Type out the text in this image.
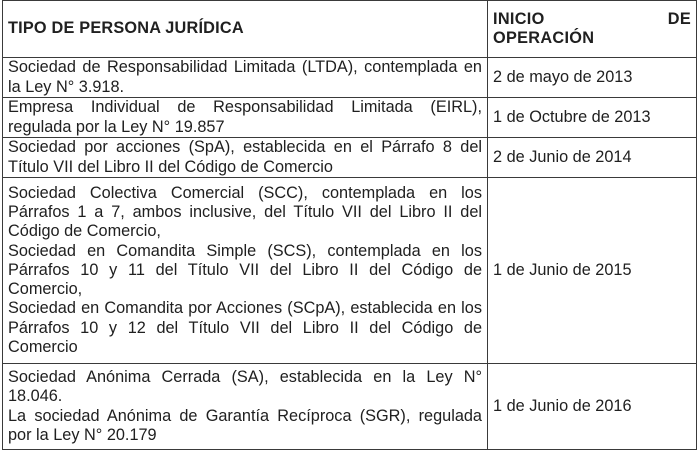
TIPO DE PERSONA JURÍDICA	INICIO DE
OPERACIÓN

Sociedad de Responsabilidad Limitada (LTDA), contemplada en la Ley N° 3.918.	2 de mayo de 2013

Empresa Individual de Responsabilidad Limitada (EIRL), regulada por la Ley N° 19.857	1 de Octubre de 2013

Sociedad por acciones (SpA), establecida en el Párrafo 8 del Título VII del Libro II del Código de Comercio	2 de Junio de 2014

Sociedad Colectiva Comercial (SCC), contemplada en los Párrafos 1 a 7, ambos inclusive, del Título VII del Libro II del Código de Comercio,
Sociedad en Comandita Simple (SCS), contemplada en los Párrafos 10 y 11 del Título VII del Libro II del Código de Comercio,
Sociedad en Comandita por Acciones (SCpA), establecida en los Párrafos 10 y 12 del Título VII del Libro II del Código de Comercio	1 de Junio de 2015

Sociedad Anónima Cerrada (SA), establecida en la Ley N° 18.046.
La sociedad Anónima de Garantía Recíproca (SGR), regulada por la Ley N° 20.179	1 de Junio de 2016
